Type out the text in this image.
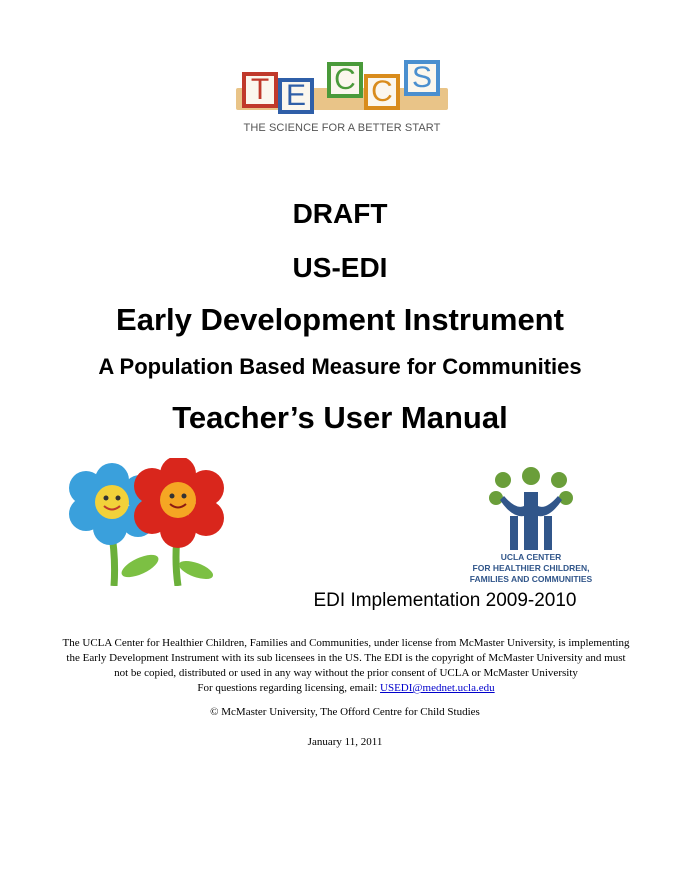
T E C C S
THE SCIENCE FOR A BETTER START
DRAFT
US-EDI
Early Development Instrument
A Population Based Measure for Communities
Teacher’s User Manual
UCLA CENTER
FOR HEALTHIER CHILDREN,
FAMILIES AND COMMUNITIES
EDI Implementation 2009-2010
The UCLA Center for Healthier Children, Families and Communities, under license from McMaster University, is implementing
the Early Development Instrument with its sub licensees in the US. The EDI is the copyright of McMaster University and must
not be copied, distributed or used in any way without the prior consent of UCLA or McMaster University
For questions regarding licensing, email: USEDI@mednet.ucla.edu
© McMaster University, The Offord Centre for Child Studies
January 11, 2011
